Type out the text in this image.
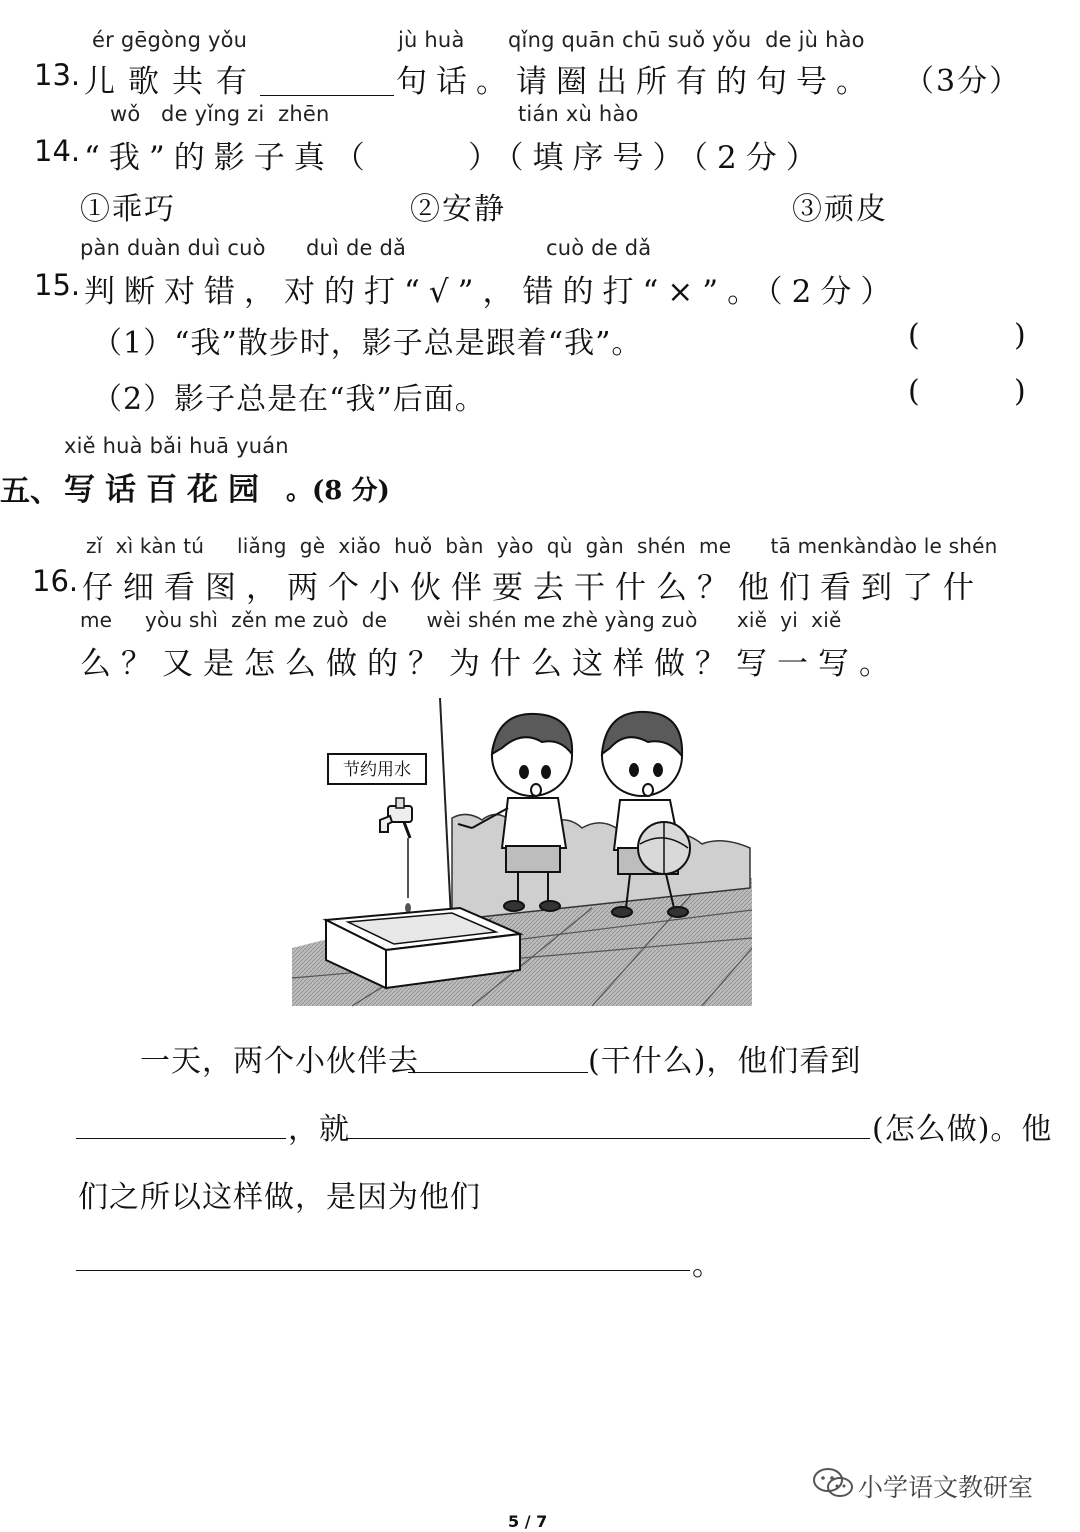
ér gēgòng yǒu	jù huà qǐng quān chū suǒ yǒu  de jù hào
13. 儿歌共有	句话。请圈出所有的句号。 （3分）
wǒ   de yǐng zi  zhēn	tián xù hào
14. “我”的影子真（     ）（填序号）（2分）
①乖巧	②安静	③顽皮
pàn duàn duì cuò duì de dǎ	cuò de dǎ
15. 判断对错，对的打“√”，错的打“×”。（2分）
（1）“我”散步时，影子总是跟着“我”。	(        )
（2）影子总是在“我”后面。	(        )
xiě huà bǎi huā yuán
五、 写话百花园 。(8 分)
zǐ  xì kàn tú     liǎng  gè  xiǎo  huǒ  bàn  yào  qù  gàn  shén  me      tā menkàndào le shén
16. 仔细看图，两个小伙伴要去干什么？他们看到了什
me     yòu shì  zěn me zuò  de      wèi shén me zhè yàng zuò      xiě  yi  xiě
么？又是怎么做的？为什么这样做？写一写。
节约用水
一天，两个小伙伴去	(干什么)，他们看到
，就	(怎么做)。他
们之所以这样做，是因为他们
。
小学语文教研室
5 / 7
